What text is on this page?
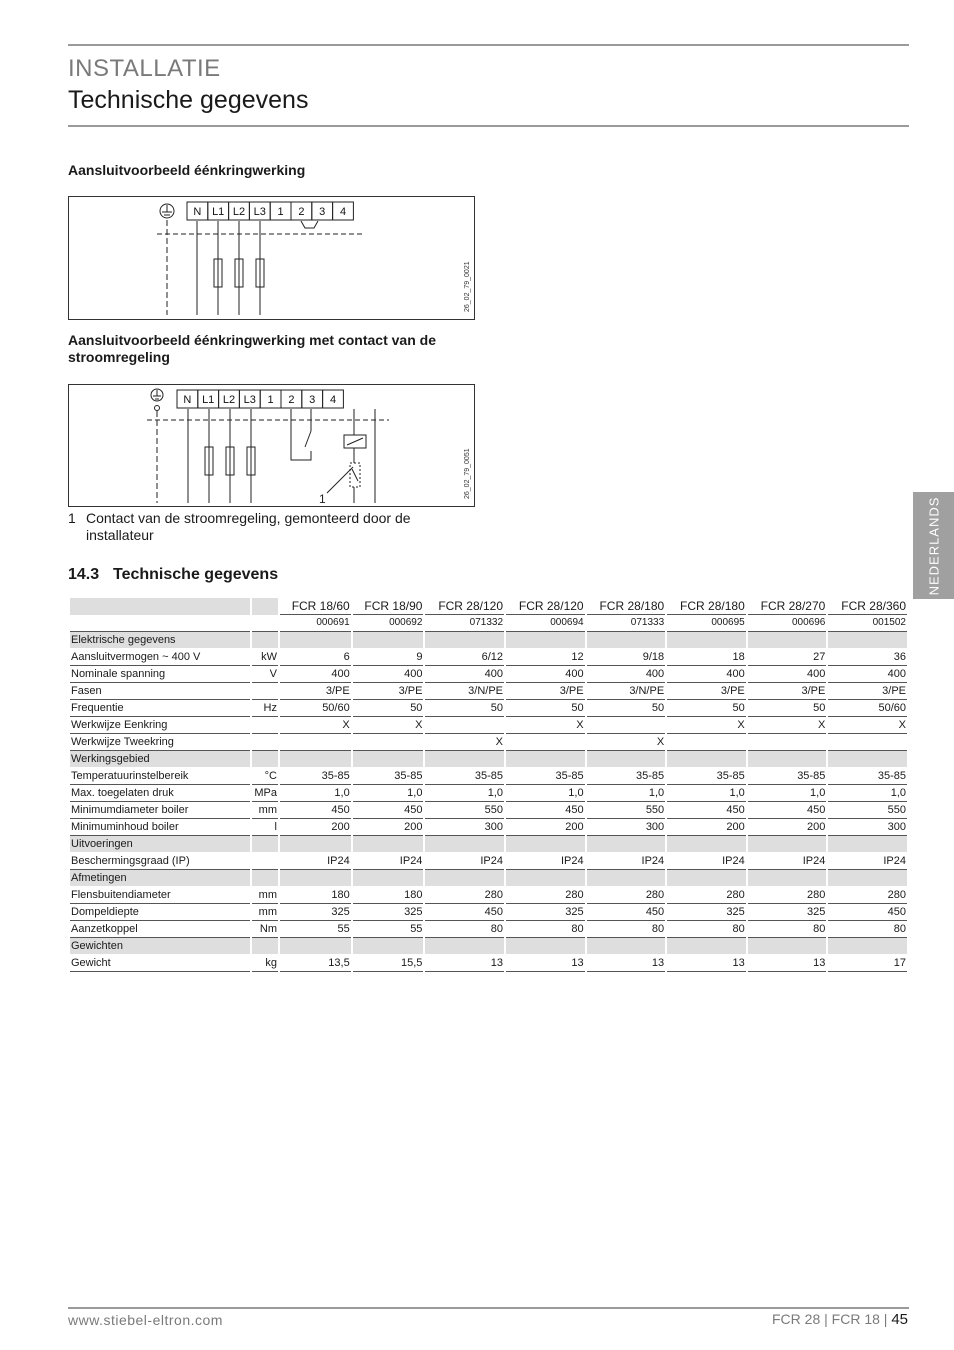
INSTALLATIE
Technische gegevens
Aansluitvoorbeeld éénkringwerking
N L1 L2 L3 1 2 3 4
26_02_79_0021
Aansluitvoorbeeld éénkringwerking met contact van de stroomregeling
N L1 L2 L3 1 2 3 4
1	26_02_79_0051
1 Contact van de stroomregeling, gemonteerd door de installateur
14.3 Technische gegevens	NEDERLANDS
		FCR 18/60	FCR 18/90	FCR 28/120	FCR 28/120	FCR 28/180	FCR 28/180	FCR 28/270	FCR 28/360
		000691	000692	071332	000694	071333	000695	000696	001502
Elektrische gegevens									
Aansluitvermogen ~ 400 V	kW	6	9	6/12	12	9/18	18	27	36
Nominale spanning	V	400	400	400	400	400	400	400	400
Fasen		3/PE	3/PE	3/N/PE	3/PE	3/N/PE	3/PE	3/PE	3/PE
Frequentie	Hz	50/60	50	50	50	50	50	50	50/60
Werkwijze Eenkring		X	X		X		X	X	X
Werkwijze Tweekring				X		X			
Werkingsgebied									
Temperatuurinstelbereik	°C	35-85	35-85	35-85	35-85	35-85	35-85	35-85	35-85
Max. toegelaten druk	MPa	1,0	1,0	1,0	1,0	1,0	1,0	1,0	1,0
Minimumdiameter boiler	mm	450	450	550	450	550	450	450	550
Minimuminhoud boiler	l	200	200	300	200	300	200	200	300
Uitvoeringen									
Beschermingsgraad (IP)		IP24	IP24	IP24	IP24	IP24	IP24	IP24	IP24
Afmetingen									
Flensbuitendiameter	mm	180	180	280	280	280	280	280	280
Dompeldiepte	mm	325	325	450	325	450	325	325	450
Aanzetkoppel	Nm	55	55	80	80	80	80	80	80
Gewichten									
Gewicht	kg	13,5	15,5	13	13	13	13	13	17
www.stiebel-eltron.com	FCR 28 | FCR 18 | 45
